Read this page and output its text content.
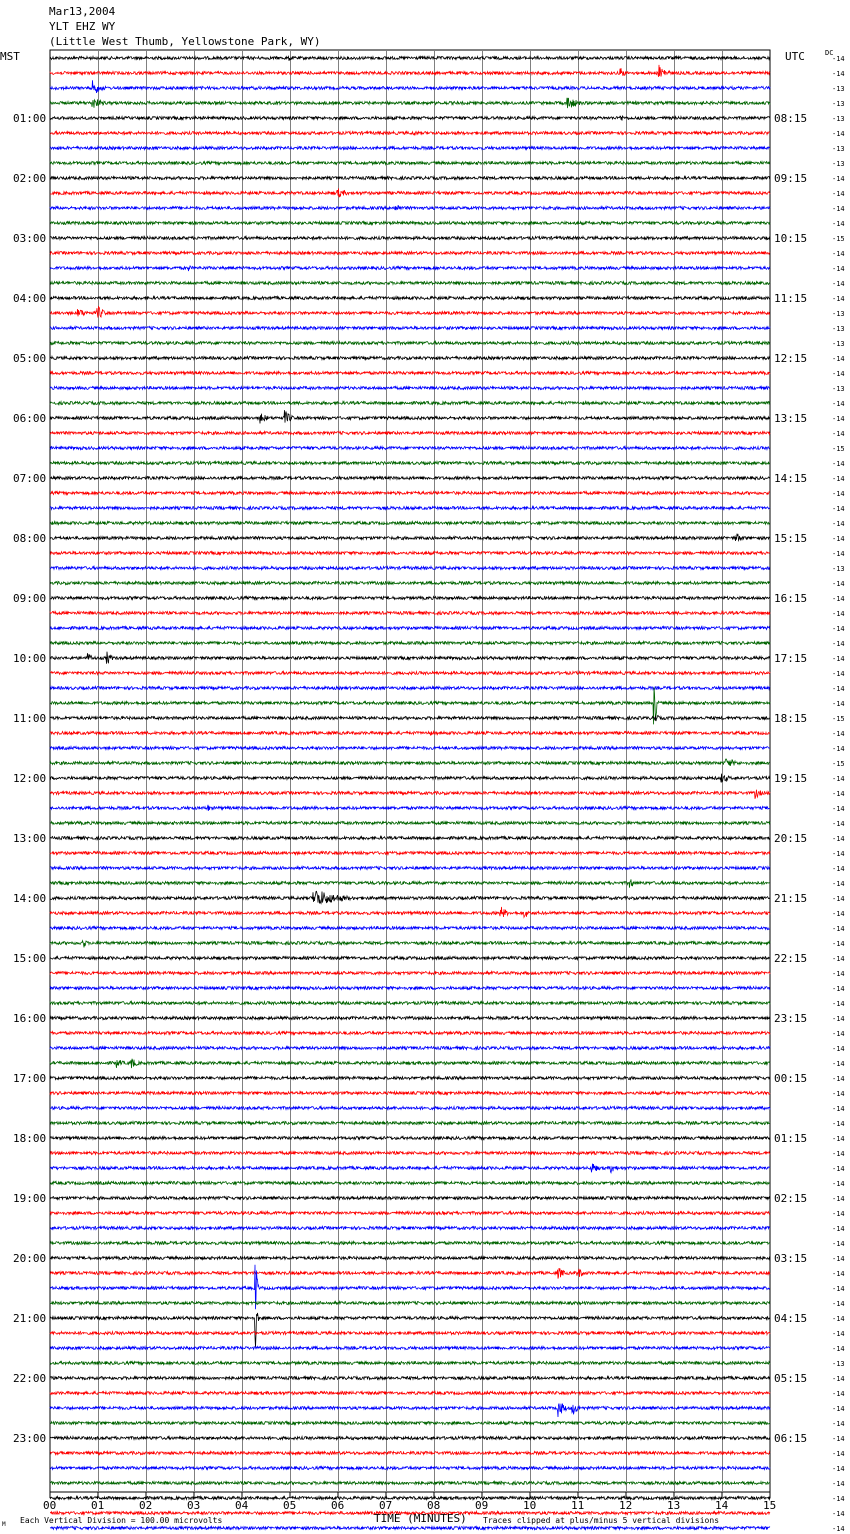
Mar13,2004
YLT EHZ WY
(Little West Thumb, Yellowstone Park, WY)
MST	UTC	DC
01:00
02:00
03:00
04:00
05:00
06:00
07:00
08:00
09:00
10:00
11:00
12:00
13:00
14:00
15:00
16:00
17:00
18:00
19:00
20:00
21:00
22:00
23:00
08:15
09:15
10:15
11:15
12:15
13:15
14:15
15:15
16:15
17:15
18:15
19:15
20:15
21:15
22:15
23:15
00:15
01:15
02:15
03:15
04:15
05:15
06:15
-14
-14
-13
-13
-13
-14
-13
-13
-14
-14
-14
-14
-15
-14
-14
-14
-14
-13
-13
-13
-14
-14
-13
-14
-14
-14
-15
-14
-14
-14
-14
-14
-14
-14
-13
-14
-14
-14
-14
-14
-14
-14
-14
-14
-15
-14
-14
-15
-14
-14
-14
-14
-14
-14
-14
-14
-14
-14
-14
-14
-14
-14
-14
-14
-14
-14
-14
-14
-14
-14
-14
-14
-14
-14
-14
-14
-14
-14
-14
-14
-14
-14
-14
-14
-14
-14
-14
-13
-14
-14
-14
-14
-14
-14
-14
-14
-14
-14
-14
00	01	02	03	04	05	06	07	08	09	10	11	12	13	14	15
TIME (MINUTES)
Each Vertical Division = 100.00 microvolts	Traces clipped at plus/minus 5 vertical divisions
M
